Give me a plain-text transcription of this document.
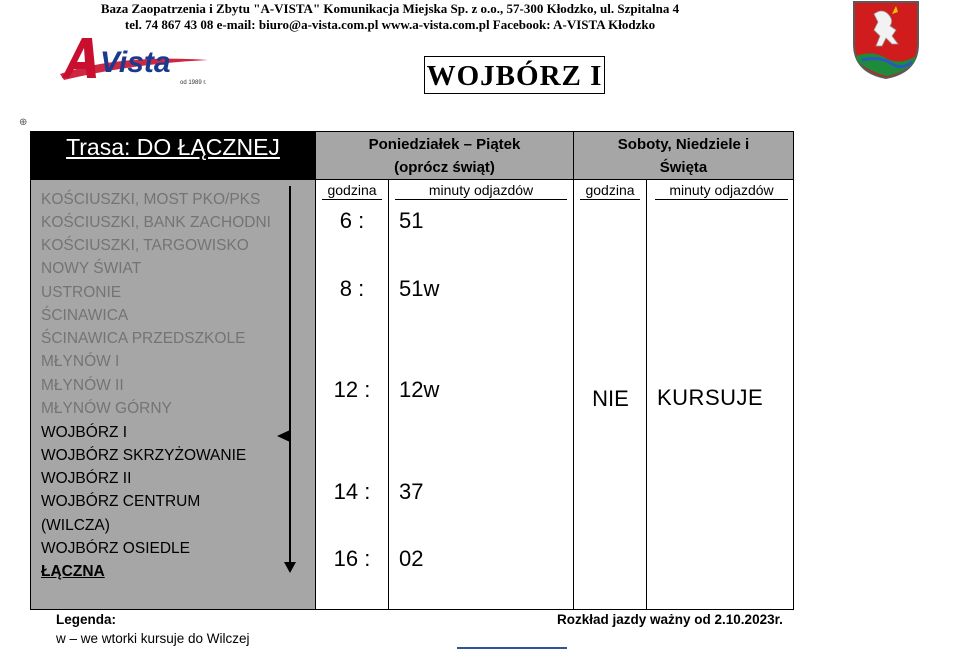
Baza Zaopatrzenia i Zbytu "A-VISTA" Komunikacja Miejska Sp. z o.o., 57-300 Kłodzko, ul. Szpitalna 4
tel. 74 867 43 08 e-mail: biuro@a-vista.com.pl www.a-vista.com.pl Facebook: A-VISTA Kłodzko
Vista
od 1989 r.	WOJBÓRZ I
⊕
Trasa: DO ŁĄCZNEJ	Poniedziałek – Piątek
(oprócz świąt)
Soboty, Niedziele i
Święta
KOŚCIUSZKI, MOST PKO/PKS
KOŚCIUSZKI, BANK ZACHODNI
KOŚCIUSZKI, TARGOWISKO
NOWY ŚWIAT
USTRONIE
ŚCINAWICA
ŚCINAWICA PRZEDSZKOLE
MŁYNÓW I
MŁYNÓW II
MŁYNÓW GÓRNY
WOJBÓRZ I
WOJBÓRZ SKRZYŻOWANIE
WOJBÓRZ II
WOJBÓRZ CENTRUM
(WILCZA)
WOJBÓRZ OSIEDLE
ŁĄCZNA
godzina
6 :
8 :
12 :
14 :
16 :
minuty odjazdów
51
51w
12w
37
02
godzina
NIE
minuty odjazdów
KURSUJE
Legenda:
w – we wtorki kursuje do Wilczej
Rozkład jazdy ważny od 2.10.2023r.
